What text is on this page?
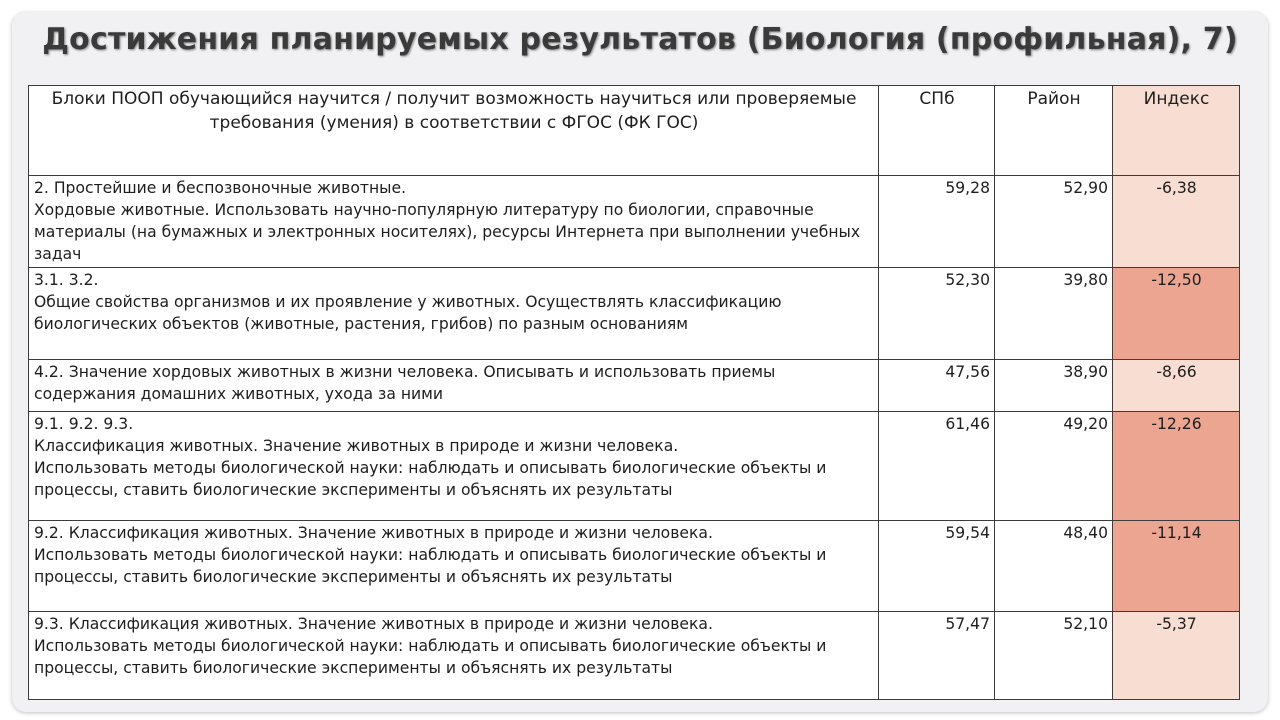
Достижения планируемых результатов (Биология (профильная), 7)
Блоки ПООП обучающийся научится / получит возможность научиться или проверяемые требования (умения) в соответствии с ФГОС (ФК ГОС)	СПб	Район	Индекс

2. Простейшие и беспозвоночные животные.
Хордовые животные. Использовать научно-популярную литературу по биологии, справочные материалы (на бумажных и электронных носителях), ресурсы Интернета при выполнении учебных задач	59,28	52,90	-6,38

3.1. 3.2.
Общие свойства организмов и их проявление у животных. Осуществлять классификацию биологических объектов (животные, растения, грибов) по разным основаниям	52,30	39,80	-12,50

4.2. Значение хордовых животных в жизни человека. Описывать и использовать приемы содержания домашних животных, ухода за ними	47,56	38,90	-8,66

9.1. 9.2. 9.3.
Классификация животных. Значение животных в природе и жизни человека.
Использовать методы биологической науки: наблюдать и описывать биологические объекты и процессы, ставить биологические эксперименты и объяснять их результаты	61,46	49,20	-12,26

9.2. Классификация животных. Значение животных в природе и жизни человека.
Использовать методы биологической науки: наблюдать и описывать биологические объекты и процессы, ставить биологические эксперименты и объяснять их результаты	59,54	48,40	-11,14

9.3. Классификация животных. Значение животных в природе и жизни человека.
Использовать методы биологической науки: наблюдать и описывать биологические объекты и процессы, ставить биологические эксперименты и объяснять их результаты	57,47	52,10	-5,37
